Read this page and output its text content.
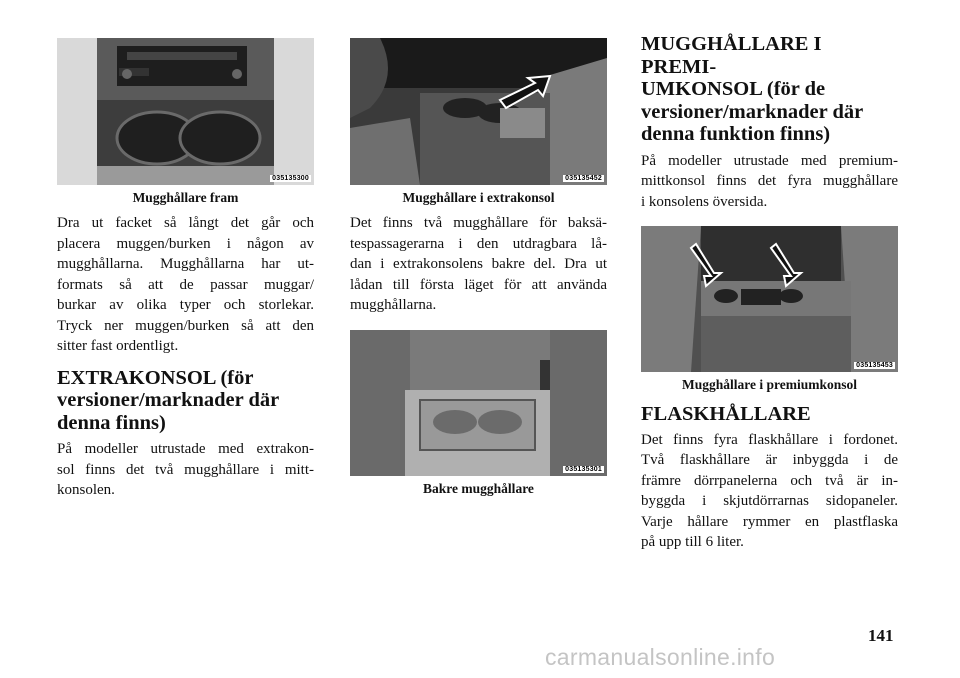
035135300
Mugghållare fram

Dra ut facket så långt det går och
placera muggen/burken i någon av
mugghållarna. Mugghållarna har ut-
formats så att de passar muggar/
burkar av olika typer och storlekar.
Tryck ner muggen/burken så att den
sitter fast ordentligt.

EXTRAKONSOL (för
versioner/marknader där
denna finns)

På modeller utrustade med extrakon-
sol finns det två mugghållare i mitt-
konsolen.

035135452
Mugghållare i extrakonsol

Det finns två mugghållare för baksä-
tespassagerarna i den utdragbara lå-
dan i extrakonsolens bakre del. Dra ut
lådan till första läget för att använda
mugghållarna.

035135301
Bakre mugghållare
MUGGHÅLLARE I PREMI-
UMKONSOL (för de
versioner/marknader där
denna funktion finns)

På modeller utrustade med premium-
mittkonsol finns det fyra mugghållare
i konsolens översida.

035135453
Mugghållare i premiumkonsol
FLASKHÅLLARE

Det finns fyra flaskhållare i fordonet.
Två flaskhållare är inbyggda i de
främre dörrpanelerna och två är in-
byggda i skjutdörrarnas sidopaneler.
Varje hållare rymmer en plastflaska
på upp till 6 liter.

141
carmanualsonline.info
